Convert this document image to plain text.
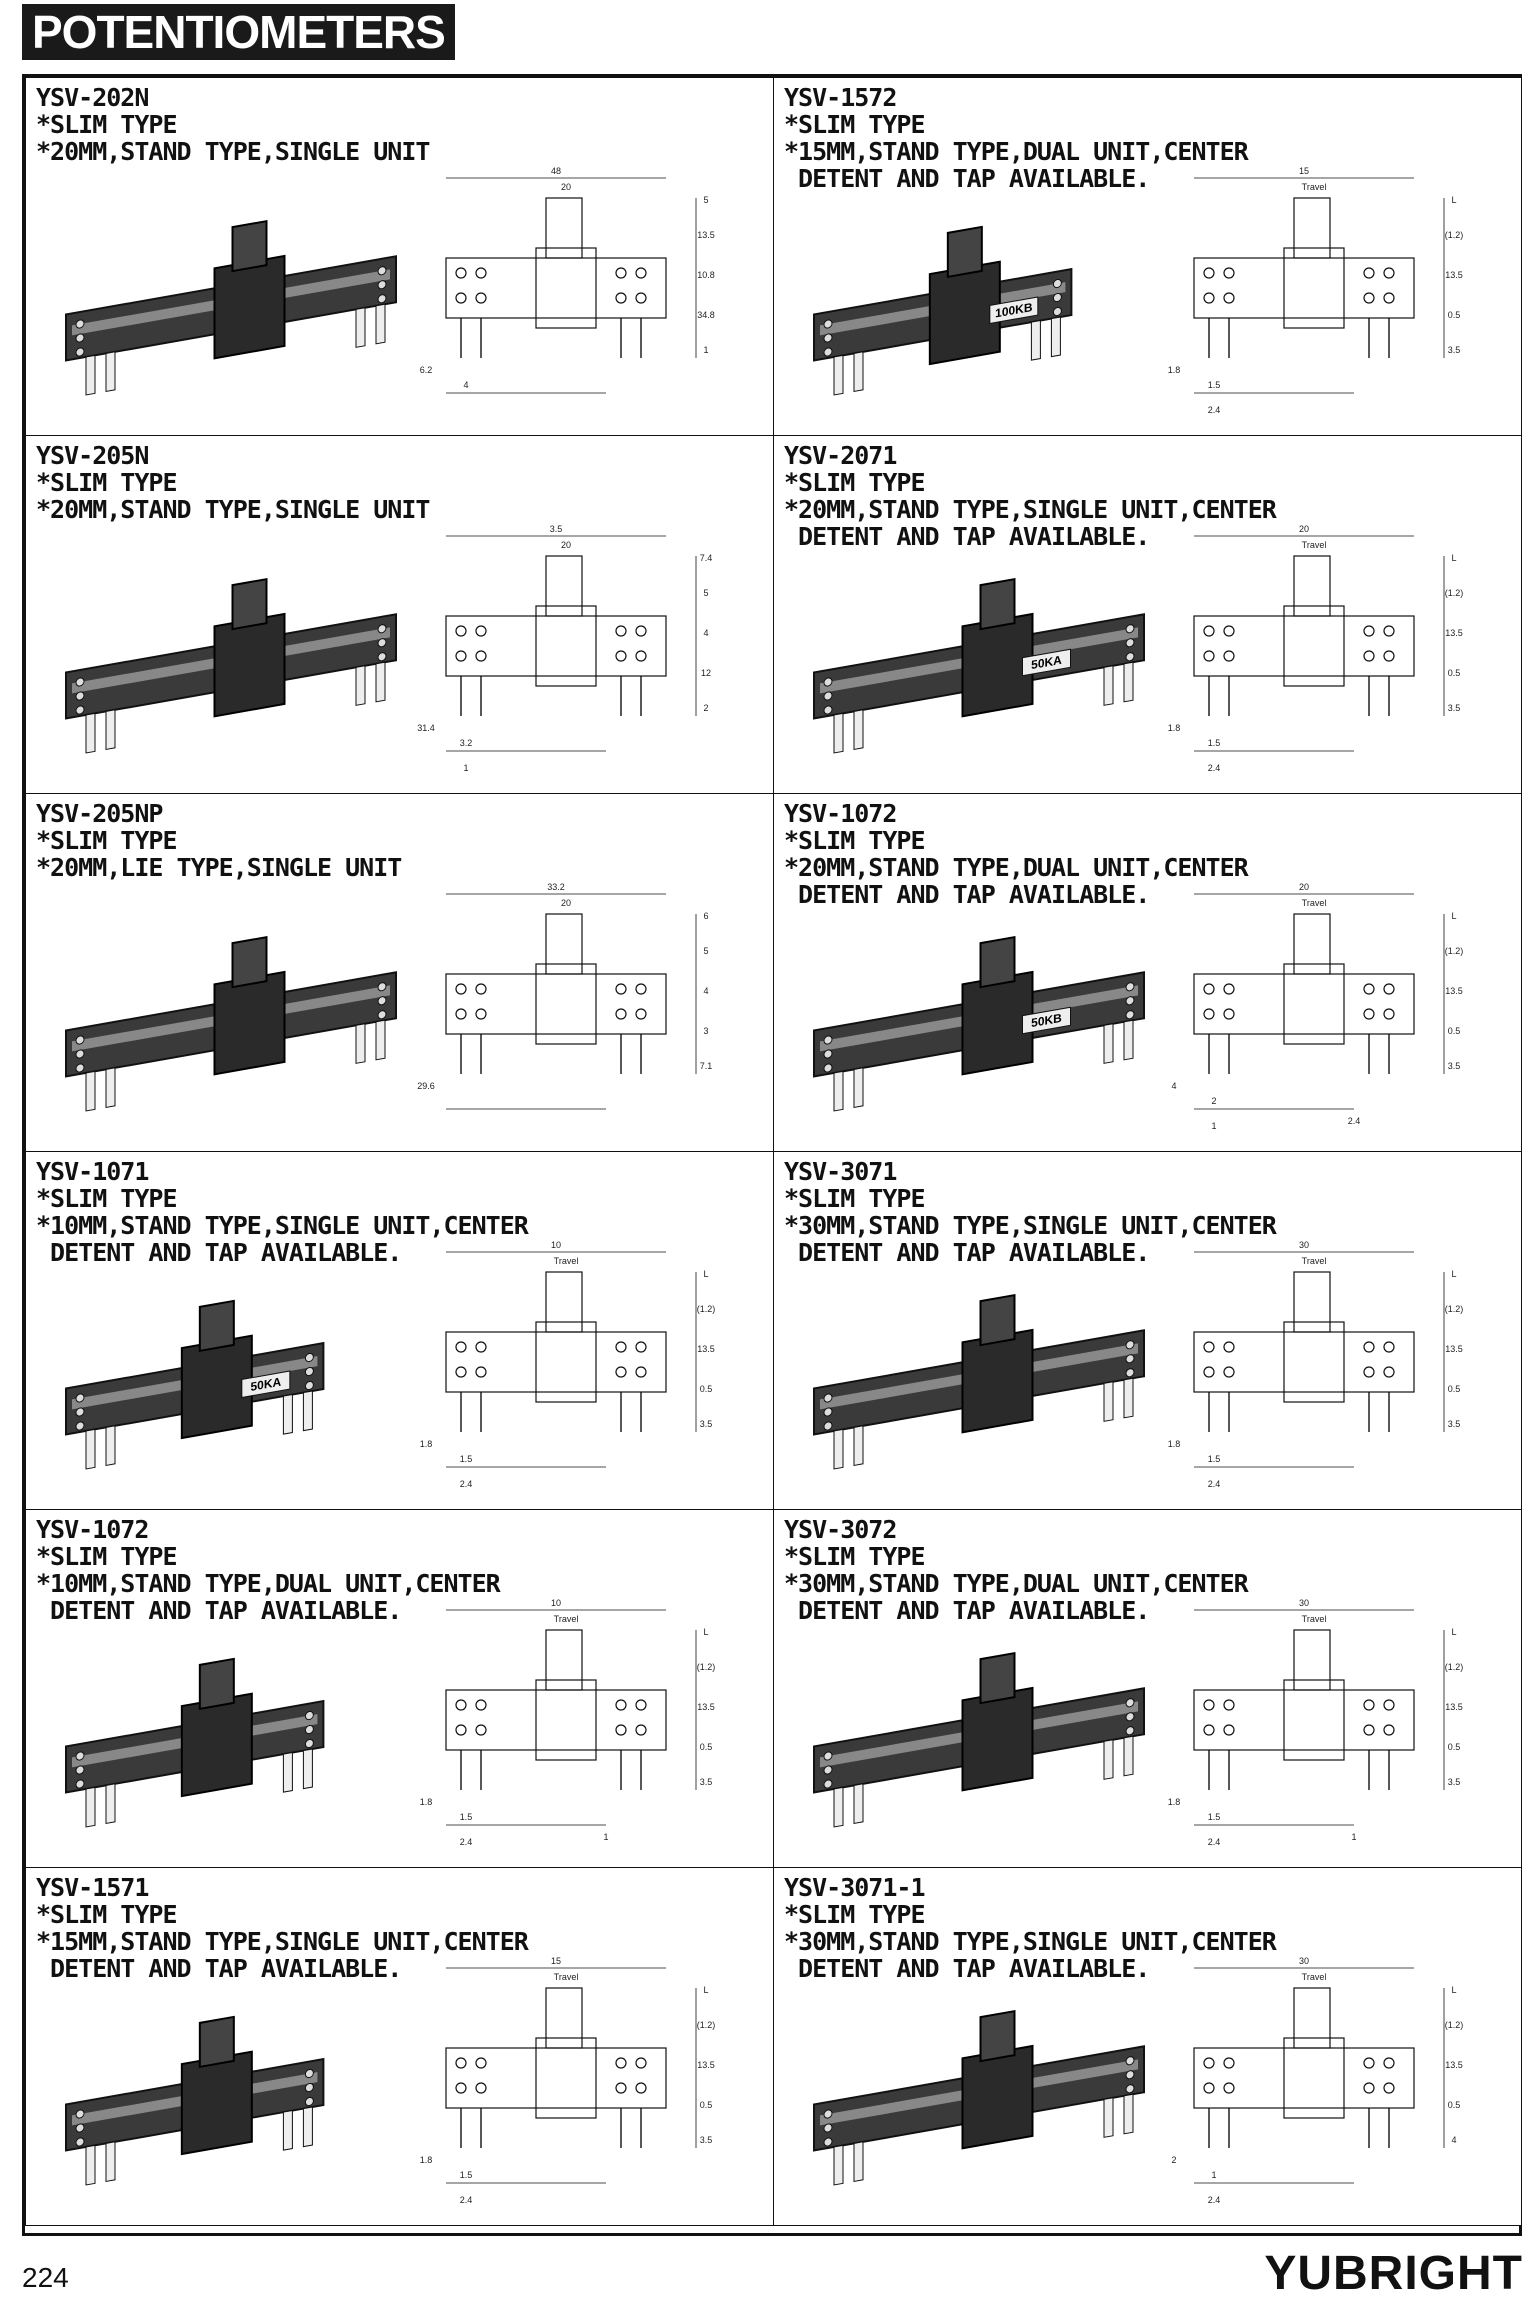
POTENTIOMETERS
YSV-202N
*SLIM TYPE
*20MM,STAND TYPE,SINGLE UNIT
48
20
5
13.5
10.8
34.8
1
6.2
4
YSV-1572
*SLIM TYPE
*15MM,STAND TYPE,DUAL UNIT,CENTER
DETENT AND TAP AVAILABLE.
100KB
15
Travel
L
(1.2)
13.5
0.5
3.5
1.8
1.5
2.4
YSV-205N
*SLIM TYPE
*20MM,STAND TYPE,SINGLE UNIT
3.5
20
7.4
5
4
12
2
31.4
3.2
1
YSV-2071
*SLIM TYPE
*20MM,STAND TYPE,SINGLE UNIT,CENTER
DETENT AND TAP AVAILABLE.
50KA
20
Travel
L
(1.2)
13.5
0.5
3.5
1.8
1.5
2.4
YSV-205NP
*SLIM TYPE
*20MM,LIE TYPE,SINGLE UNIT
33.2
20
6
5
4
3
7.1
29.6
YSV-1072
*SLIM TYPE
*20MM,STAND TYPE,DUAL UNIT,CENTER
DETENT AND TAP AVAILABLE.
50KB
20
Travel
L
(1.2)
13.5
0.5
3.5
4
2
1	2.4
YSV-1071
*SLIM TYPE
*10MM,STAND TYPE,SINGLE UNIT,CENTER
DETENT AND TAP AVAILABLE.
50KA
10
Travel
L
(1.2)
13.5
0.5
3.5
1.8
1.5
2.4
YSV-3071
*SLIM TYPE
*30MM,STAND TYPE,SINGLE UNIT,CENTER
DETENT AND TAP AVAILABLE.	30
Travel
L
(1.2)
13.5
0.5
3.5
1.8
1.5
2.4
YSV-1072
*SLIM TYPE
*10MM,STAND TYPE,DUAL UNIT,CENTER
DETENT AND TAP AVAILABLE.	10
Travel
L
(1.2)
13.5
0.5
3.5
1.8
1.5
2.4	1
YSV-3072
*SLIM TYPE
*30MM,STAND TYPE,DUAL UNIT,CENTER
DETENT AND TAP AVAILABLE.	30
Travel
L
(1.2)
13.5
0.5
3.5
1.8
1.5
2.4	1
YSV-1571
*SLIM TYPE
*15MM,STAND TYPE,SINGLE UNIT,CENTER
DETENT AND TAP AVAILABLE.	15
Travel
L
(1.2)
13.5
0.5
3.5
1.8
1.5
2.4
YSV-3071-1
*SLIM TYPE
*30MM,STAND TYPE,SINGLE UNIT,CENTER
DETENT AND TAP AVAILABLE.	30
Travel
L
(1.2)
13.5
0.5
4
2
1
2.4
224	YUBRIGHT
